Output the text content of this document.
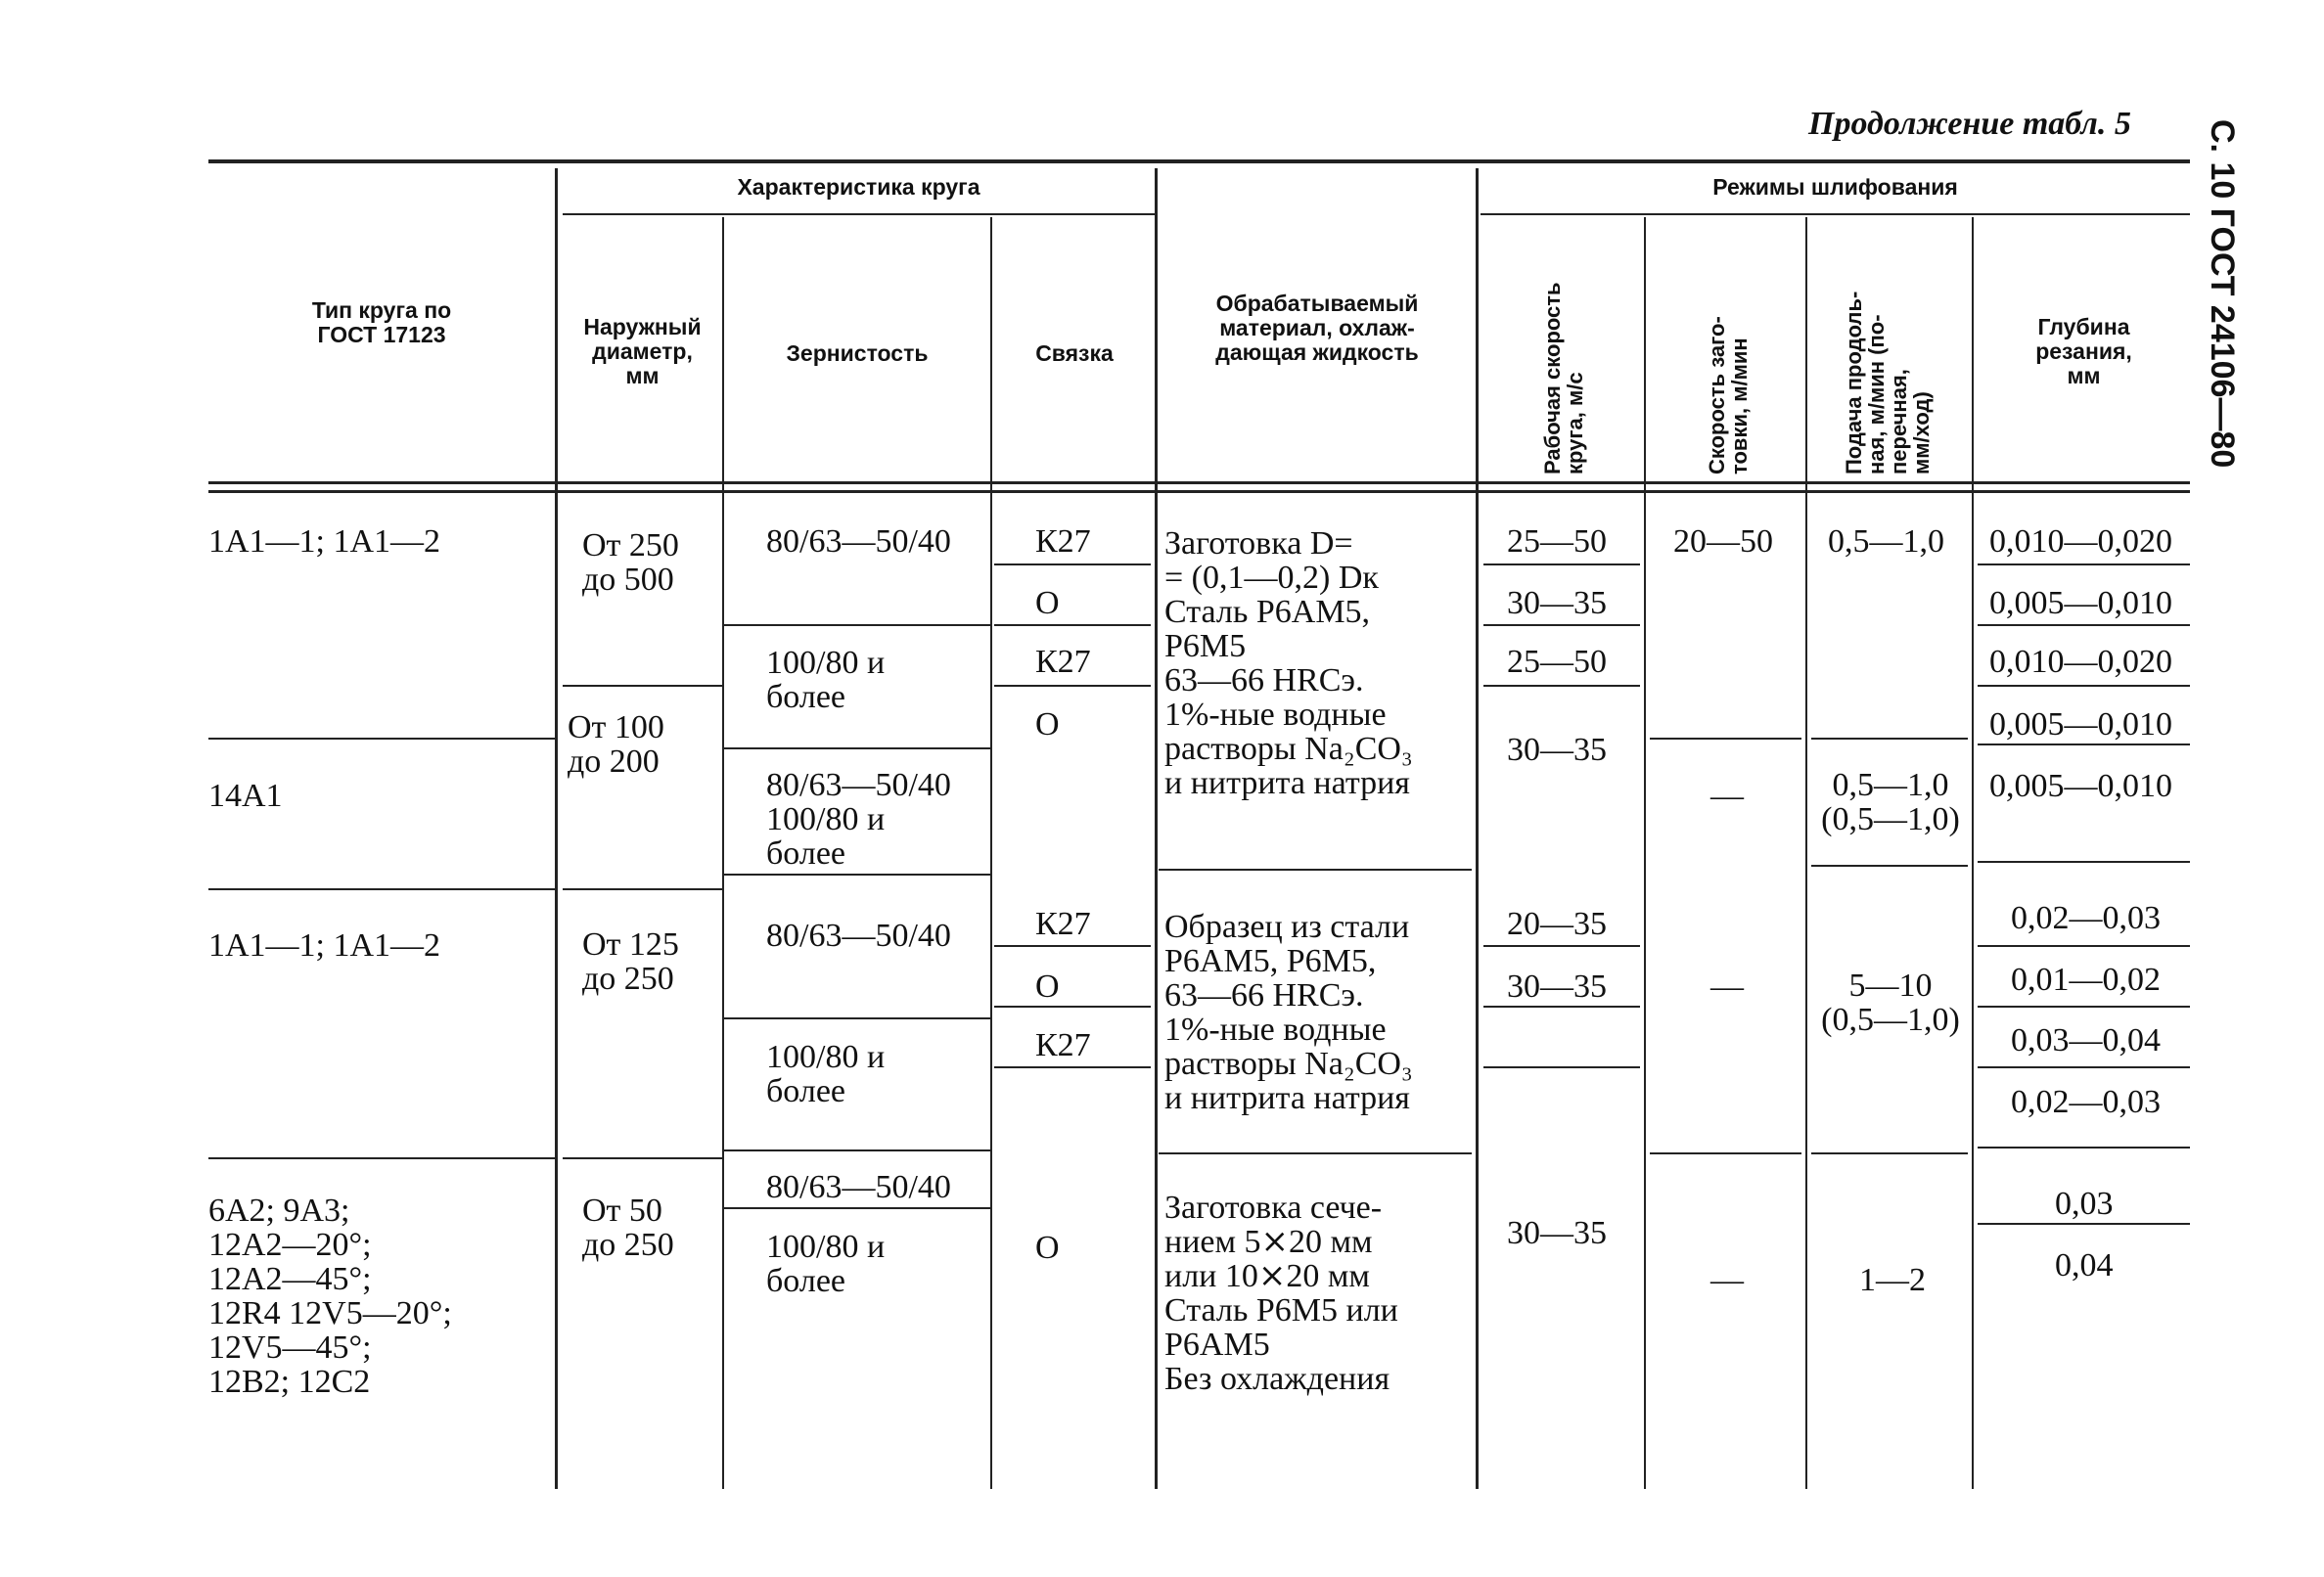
Продолжение табл. 5 С. 10 ГОСТ 24106—80
Тип круга по
ГОСТ 17123
Характеристика круга
Наружный
диаметр,
мм
Зернистость	Связка
Обрабатываемый
материал, охлаж-
дающая жидкость
Режимы шлифования
Рабочая скорость
круга, м/с	Скорость заго-
товки, м/мин
Подача продоль-
ная, м/мин (по-
перечная,
мм/ход)
Глубина
резания,
мм
1А1—1; 1А1—2
14А1
1А1—1; 1А1—2
6А2; 9А3;
12А2—20°;
12А2—45°;
12R4 12V5—20°;
12V5—45°;
12В2; 12С2
От 250
до 500
От 100
до 200
От 125
до 250
От 50
до 250
80/63—50/40
100/80 и
более
80/63—50/40
100/80 и
более
80/63—50/40
100/80 и
более
80/63—50/40
100/80 и
более
К27
О
К27
О
К27
О
К27
О
Заготовка D=
= (0,1—0,2) Dк
Сталь Р6АМ5,
Р6М5
63—66 HRCэ.
1%-ные водные
растворы Na₂CO₃
и нитрита натрия
Образец из стали
Р6АМ5, Р6М5,
63—66 HRCэ.
1%-ные водные
растворы Na₂CO₃
и нитрита натрия
Заготовка сече-
нием 5⨯20 мм
или 10⨯20 мм
Сталь Р6М5 или
Р6АМ5
Без охлаждения
25—50
30—35
25—50
30—35
20—35
30—35
30—35
20—50
—
—
—
0,5—1,0
0,5—1,0
(0,5—1,0)
5—10
(0,5—1,0)
1—2
0,010—0,020
0,005—0,010
0,010—0,020
0,005—0,010
0,005—0,010
0,02—0,03
0,01—0,02
0,03—0,04
0,02—0,03
0,03
0,04
